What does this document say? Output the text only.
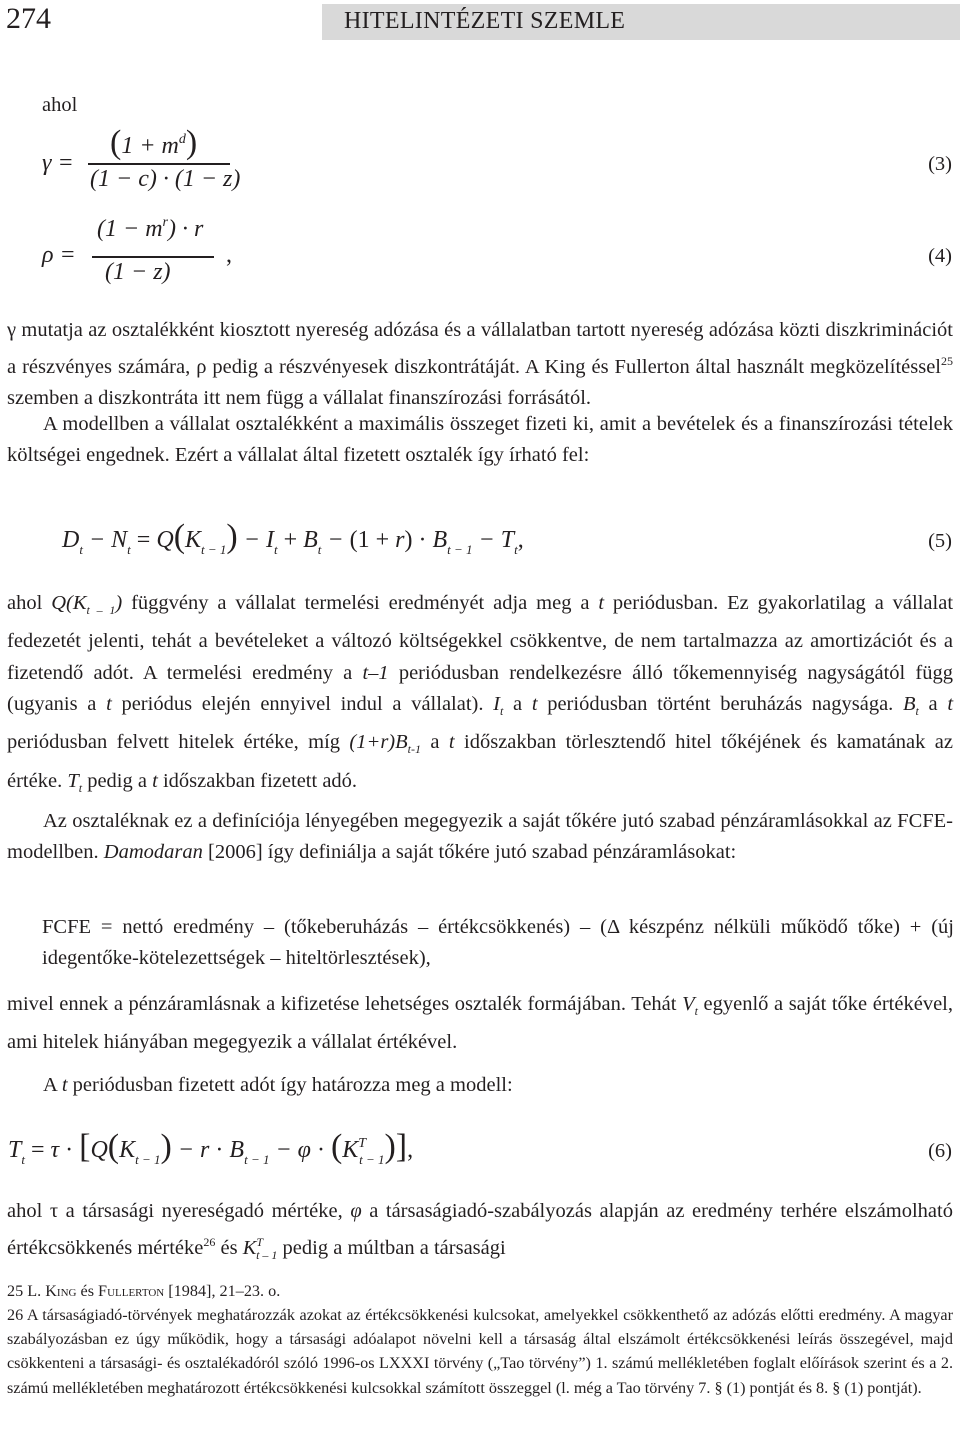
274	HITELINTÉZETI SZEMLE
ahol
γ =
$(1 + m^d)$
(1 − c) · (1 − z)
(3)
ρ =
$(1 - m^r) \cdot r$
(1 − z)
,	(4)

γ mutatja az osztalékként kiosztott nyereség adózása és a vállalatban tartott nyereség adózása közti diszkriminációt a részvényes számára, ρ pedig a részvényesek diszkontrátáját. A King és Fullerton által használt megközelítéssel$^{25}$ szemben a diszkontráta itt nem függ a vállalat finanszírozási forrásától.

A modellben a vállalat osztalékként a maximális összeget fizeti ki, amit a bevételek és a finanszírozási tételek költségei engednek. Ezért a vállalat által fizetett osztalék így írható fel:

$D_t - N_t = Q(K_{t - 1}) - I_t + B_t - (1 + r) \cdot B_{t - 1} - T_t$,	(5)

ahol $Q(K_{t - 1})$ függvény a vállalat termelési eredményét adja meg a t periódusban. Ez gyakorlatilag a vállalat fedezetét jelenti, tehát a bevételeket a változó költségekkel csökkentve, de nem tartalmazza az amortizációt és a fizetendő adót. A termelési eredmény a t–1 periódusban rendelkezésre álló tőkemennyiség nagyságától függ (ugyanis a t periódus elején ennyivel indul a vállalat). $I_t$ a t periódusban történt beruházás nagysága. $B_t$ a t periódusban felvett hitelek értéke, míg $(1+r)B_{t-1}$ a t időszakban törlesztendő hitel tőkéjének és kamatának az értéke. $T_t$ pedig a t időszakban fizetett adó.

Az osztaléknak ez a definíciója lényegében megegyezik a saját tőkére jutó szabad pénzáramlásokkal az FCFE-modellben. Damodaran [2006] így definiálja a saját tőkére jutó szabad pénzáramlásokat:

FCFE = nettó eredmény – (tőkeberuházás – értékcsökkenés) – (Δ készpénz nélküli működő tőke) + (új idegentőke-kötelezettségek – hiteltörlesztések),

mivel ennek a pénzáramlásnak a kifizetése lehetséges osztalék formájában. Tehát $V_t$ egyenlő a saját tőke értékével, ami hitelek hiányában megegyezik a vállalat értékével.

A t periódusban fizetett adót így határozza meg a modell:

$T_t = \tau \cdot [Q(K_{t - 1}) - r \cdot B_{t - 1} - \varphi \cdot (K^T_{t - 1})]$,	(6)

ahol τ a társasági nyereségadó mértéke, φ a társaságiadó-szabályozás alapján az eredmény terhére elszámolható értékcsökkenés mértéke$^{26}$ és $K^T_{t - 1}$ pedig a múltban a társasági

25 L. King és Fullerton [1984], 21–23. o.

26 A társaságiadó-törvények meghatározzák azokat az értékcsökkenési kulcsokat, amelyekkel csökkenthető az adózás előtti eredmény. A magyar szabályozásban ez úgy működik, hogy a társasági adóalapot növelni kell a társaság által elszámolt értékcsökkenési leírás összegével, majd csökkenteni a társasági- és osztalékadóról szóló 1996-os LXXXI törvény („Tao törvény”) 1. számú mellékletében foglalt előírások szerint és a 2. számú mellékletében meghatározott értékcsökkenési kulcsokkal számított összeggel (l. még a Tao törvény 7. § (1) pontját és 8. § (1) pontját).
